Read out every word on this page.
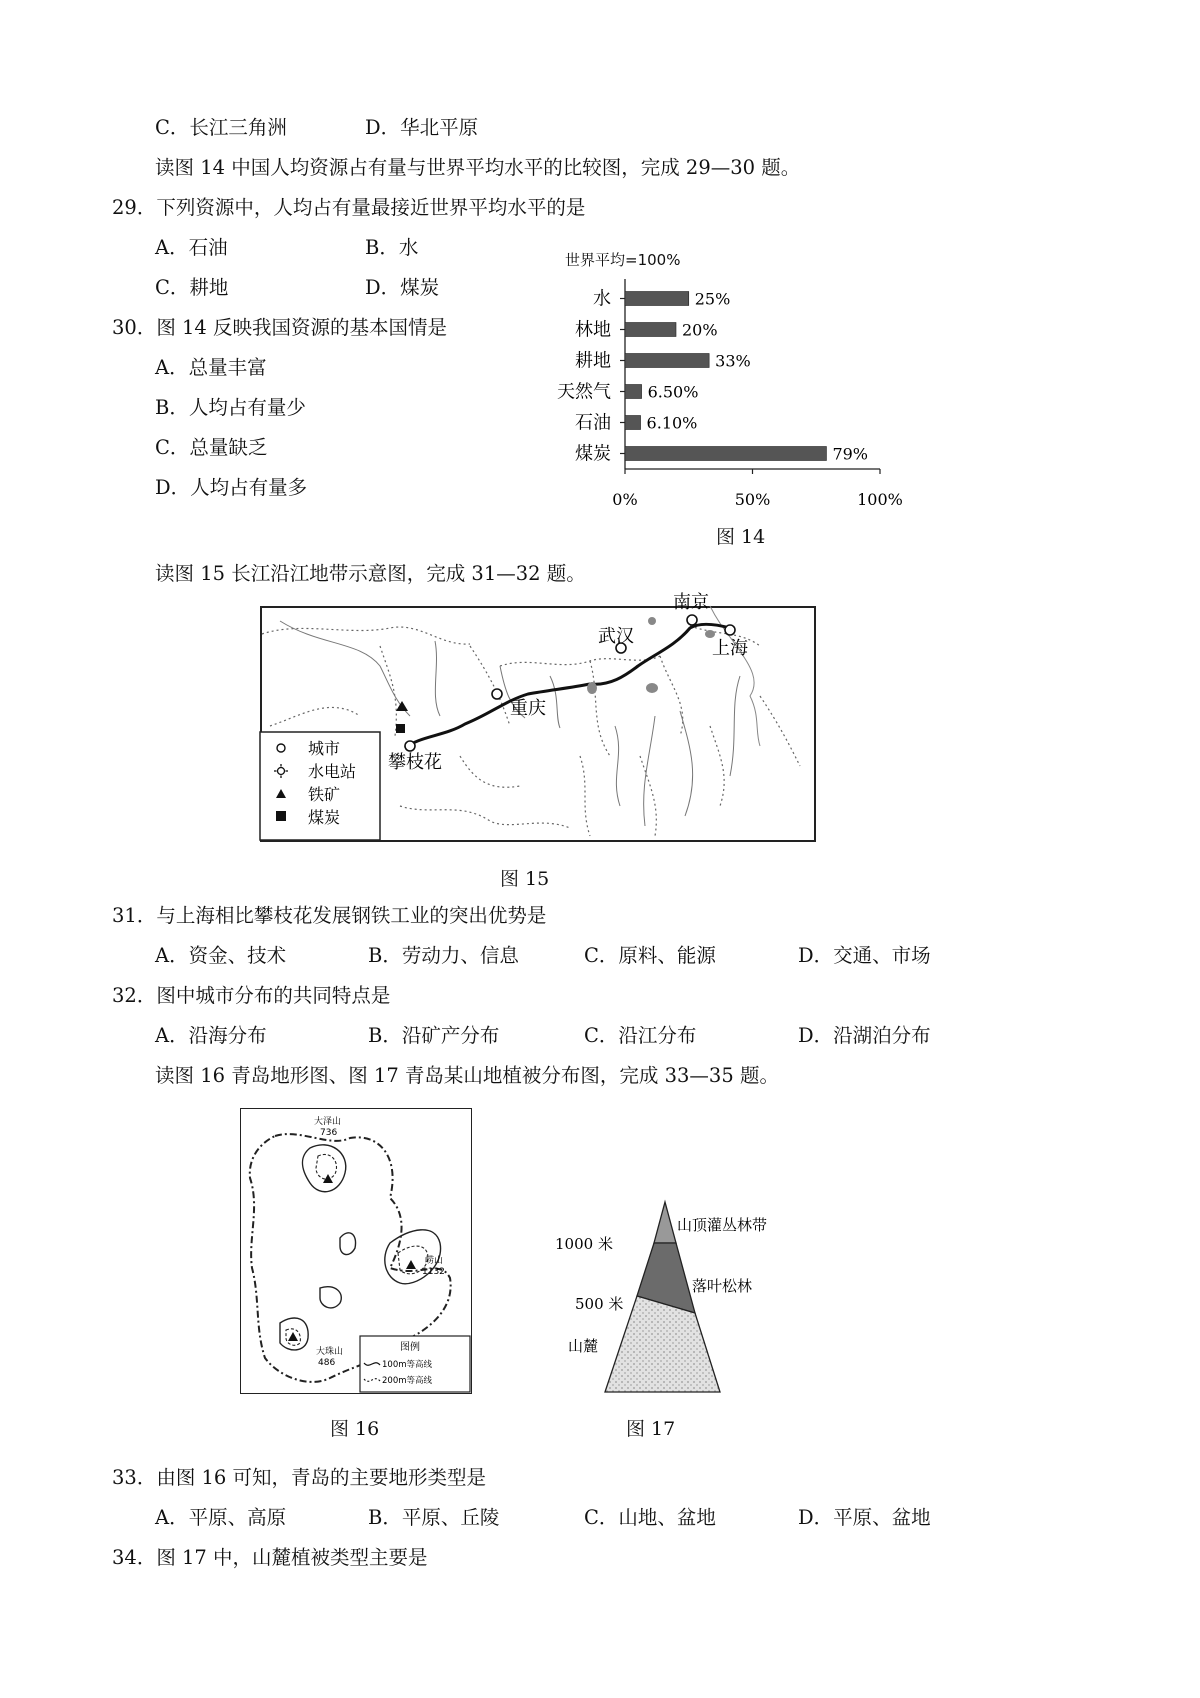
C．长江三角洲	D．华北平原
读图 14 中国人均资源占有量与世界平均水平的比较图，完成 29—30 题。
29．下列资源中，人均占有量最接近世界平均水平的是
A．石油	B．水
C．耕地	D．煤炭
30．图 14 反映我国资源的基本国情是
A．总量丰富
B．人均占有量少
C．总量缺乏
D．人均占有量多
世界平均=100%
水	25%
林地	20%
耕地	33%
天然气 6.50%
石油 6.10%
煤炭	79%
0%	50%	100%
图 14
读图 15 长江沿江地带示意图，完成 31—32 题。
重庆
武汉
南京
上海
攀枝花
城市
水电站
铁矿
煤炭
图 15
31．与上海相比攀枝花发展钢铁工业的突出优势是
A．资金、技术	B．劳动力、信息	C．原料、能源	D．交通、市场
32．图中城市分布的共同特点是
A．沿海分布	B．沿矿产分布	C．沿江分布	D．沿湖泊分布
读图 16 青岛地形图、图 17 青岛某山地植被分布图，完成 33—35 题。
大泽山
736
崂山
1132
大珠山
486
图例
100m等高线
200m等高线
图 16
1000 米
500 米
山麓
山顶灌丛林带
落叶松林
图 17
33．由图 16 可知，青岛的主要地形类型是
A．平原、高原	B．平原、丘陵	C．山地、盆地	D．平原、盆地
34．图 17 中，山麓植被类型主要是
